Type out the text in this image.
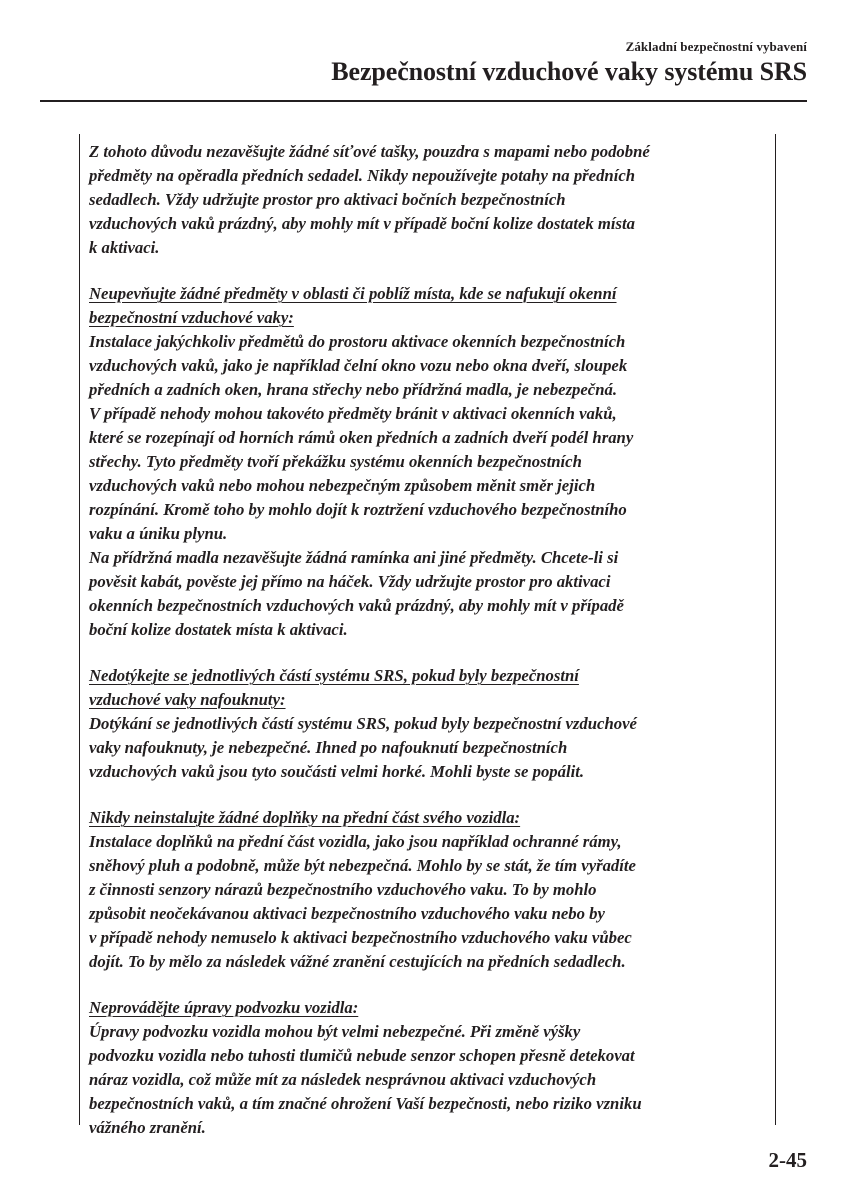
Základní bezpečnostní vybavení
Bezpečnostní vzduchové vaky systému SRS
Z tohoto důvodu nezavěšujte žádné síťové tašky, pouzdra s mapami nebo podobné
předměty na opěradla předních sedadel. Nikdy nepoužívejte potahy na předních
sedadlech. Vždy udržujte prostor pro aktivaci bočních bezpečnostních
vzduchových vaků prázdný, aby mohly mít v případě boční kolize dostatek místa
k aktivaci.
Neupevňujte žádné předměty v oblasti či poblíž místa, kde se nafukují okenní
bezpečnostní vzduchové vaky:
Instalace jakýchkoliv předmětů do prostoru aktivace okenních bezpečnostních
vzduchových vaků, jako je například čelní okno vozu nebo okna dveří, sloupek
předních a zadních oken, hrana střechy nebo přídržná madla, je nebezpečná.
V případě nehody mohou takovéto předměty bránit v aktivaci okenních vaků,
které se rozepínají od horních rámů oken předních a zadních dveří podél hrany
střechy. Tyto předměty tvoří překážku systému okenních bezpečnostních
vzduchových vaků nebo mohou nebezpečným způsobem měnit směr jejich
rozpínání. Kromě toho by mohlo dojít k roztržení vzduchového bezpečnostního
vaku a úniku plynu.
Na přídržná madla nezavěšujte žádná ramínka ani jiné předměty. Chcete-li si
pověsit kabát, pověste jej přímo na háček. Vždy udržujte prostor pro aktivaci
okenních bezpečnostních vzduchových vaků prázdný, aby mohly mít v případě
boční kolize dostatek místa k aktivaci.
Nedotýkejte se jednotlivých částí systému SRS, pokud byly bezpečnostní
vzduchové vaky nafouknuty:
Dotýkání se jednotlivých částí systému SRS, pokud byly bezpečnostní vzduchové
vaky nafouknuty, je nebezpečné. Ihned po nafouknutí bezpečnostních
vzduchových vaků jsou tyto součásti velmi horké. Mohli byste se popálit.
Nikdy neinstalujte žádné doplňky na přední část svého vozidla:
Instalace doplňků na přední část vozidla, jako jsou například ochranné rámy,
sněhový pluh a podobně, může být nebezpečná. Mohlo by se stát, že tím vyřadíte
z činnosti senzory nárazů bezpečnostního vzduchového vaku. To by mohlo
způsobit neočekávanou aktivaci bezpečnostního vzduchového vaku nebo by
v případě nehody nemuselo k aktivaci bezpečnostního vzduchového vaku vůbec
dojít. To by mělo za následek vážné zranění cestujících na předních sedadlech.
Neprovádějte úpravy podvozku vozidla:
Úpravy podvozku vozidla mohou být velmi nebezpečné. Při změně výšky
podvozku vozidla nebo tuhosti tlumičů nebude senzor schopen přesně detekovat
náraz vozidla, což může mít za následek nesprávnou aktivaci vzduchových
bezpečnostních vaků, a tím značné ohrožení Vaší bezpečnosti, nebo riziko vzniku
vážného zranění.
2-45
